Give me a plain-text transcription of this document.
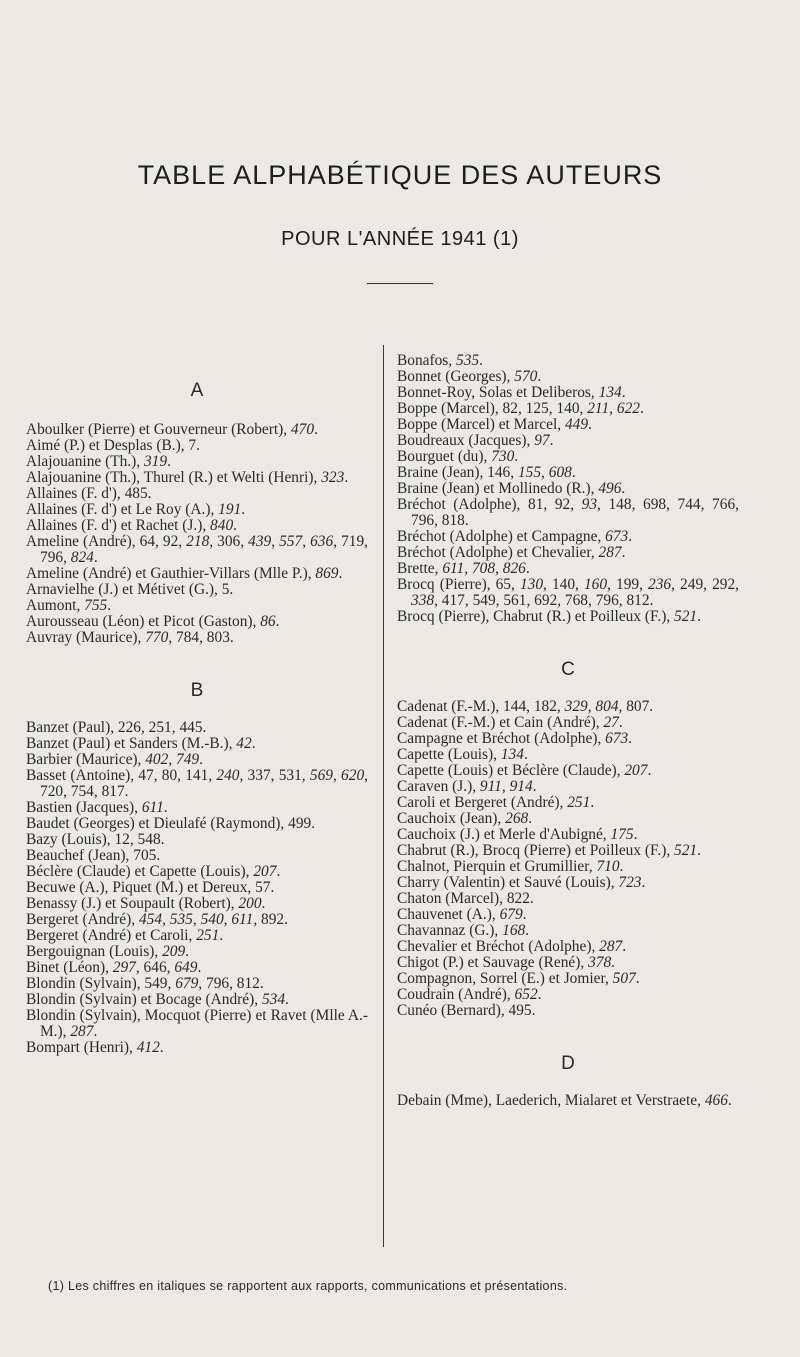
TABLE ALPHABÉTIQUE DES AUTEURS
POUR L'ANNÉE 1941 (1)
A
Aboulker (Pierre) et Gouverneur (Robert), 470.
Aimé (P.) et Desplas (B.), 7.
Alajouanine (Th.), 319.
Alajouanine (Th.), Thurel (R.) et Welti (Henri), 323.
Allaines (F. d'), 485.
Allaines (F. d') et Le Roy (A.), 191.
Allaines (F. d') et Rachet (J.), 840.
Ameline (André), 64, 92, 218, 306, 439, 557, 636, 719, 796, 824.
Ameline (André) et Gauthier-Villars (Mlle P.), 869.
Arnavielhe (J.) et Métivet (G.), 5.
Aumont, 755.
Aurousseau (Léon) et Picot (Gaston), 86.
Auvray (Maurice), 770, 784, 803.
B
Banzet (Paul), 226, 251, 445.
Banzet (Paul) et Sanders (M.-B.), 42.
Barbier (Maurice), 402, 749.
Basset (Antoine), 47, 80, 141, 240, 337, 531, 569, 620, 720, 754, 817.
Bastien (Jacques), 611.
Baudet (Georges) et Dieulafé (Raymond), 499.
Bazy (Louis), 12, 548.
Beauchef (Jean), 705.
Béclère (Claude) et Capette (Louis), 207.
Becuwe (A.), Piquet (M.) et Dereux, 57.
Benassy (J.) et Soupault (Robert), 200.
Bergeret (André), 454, 535, 540, 611, 892.
Bergeret (André) et Caroli, 251.
Bergouignan (Louis), 209.
Binet (Léon), 297, 646, 649.
Blondin (Sylvain), 549, 679, 796, 812.
Blondin (Sylvain) et Bocage (André), 534.
Blondin (Sylvain), Mocquot (Pierre) et Ravet (Mlle A.-M.), 287.
Bompart (Henri), 412.
Bonafos, 535.
Bonnet (Georges), 570.
Bonnet-Roy, Solas et Deliberos, 134.
Boppe (Marcel), 82, 125, 140, 211, 622.
Boppe (Marcel) et Marcel, 449.
Boudreaux (Jacques), 97.
Bourguet (du), 730.
Braine (Jean), 146, 155, 608.
Braine (Jean) et Mollinedo (R.), 496.
Bréchot (Adolphe), 81, 92, 93, 148, 698, 744, 766, 796, 818.
Bréchot (Adolphe) et Campagne, 673.
Bréchot (Adolphe) et Chevalier, 287.
Brette, 611, 708, 826.
Brocq (Pierre), 65, 130, 140, 160, 199, 236, 249, 292, 338, 417, 549, 561, 692, 768, 796, 812.
Brocq (Pierre), Chabrut (R.) et Poilleux (F.), 521.
C
Cadenat (F.-M.), 144, 182, 329, 804, 807.
Cadenat (F.-M.) et Cain (André), 27.
Campagne et Bréchot (Adolphe), 673.
Capette (Louis), 134.
Capette (Louis) et Béclère (Claude), 207.
Caraven (J.), 911, 914.
Caroli et Bergeret (André), 251.
Cauchoix (Jean), 268.
Cauchoix (J.) et Merle d'Aubigné, 175.
Chabrut (R.), Brocq (Pierre) et Poilleux (F.), 521.
Chalnot, Pierquin et Grumillier, 710.
Charry (Valentin) et Sauvé (Louis), 723.
Chaton (Marcel), 822.
Chauvenet (A.), 679.
Chavannaz (G.), 168.
Chevalier et Bréchot (Adolphe), 287.
Chigot (P.) et Sauvage (René), 378.
Compagnon, Sorrel (E.) et Jomier, 507.
Coudrain (André), 652.
Cunéo (Bernard), 495.
D
Debain (Mme), Laederich, Mialaret et Verstraete, 466.
(1) Les chiffres en italiques se rapportent aux rapports, communications et présentations.
